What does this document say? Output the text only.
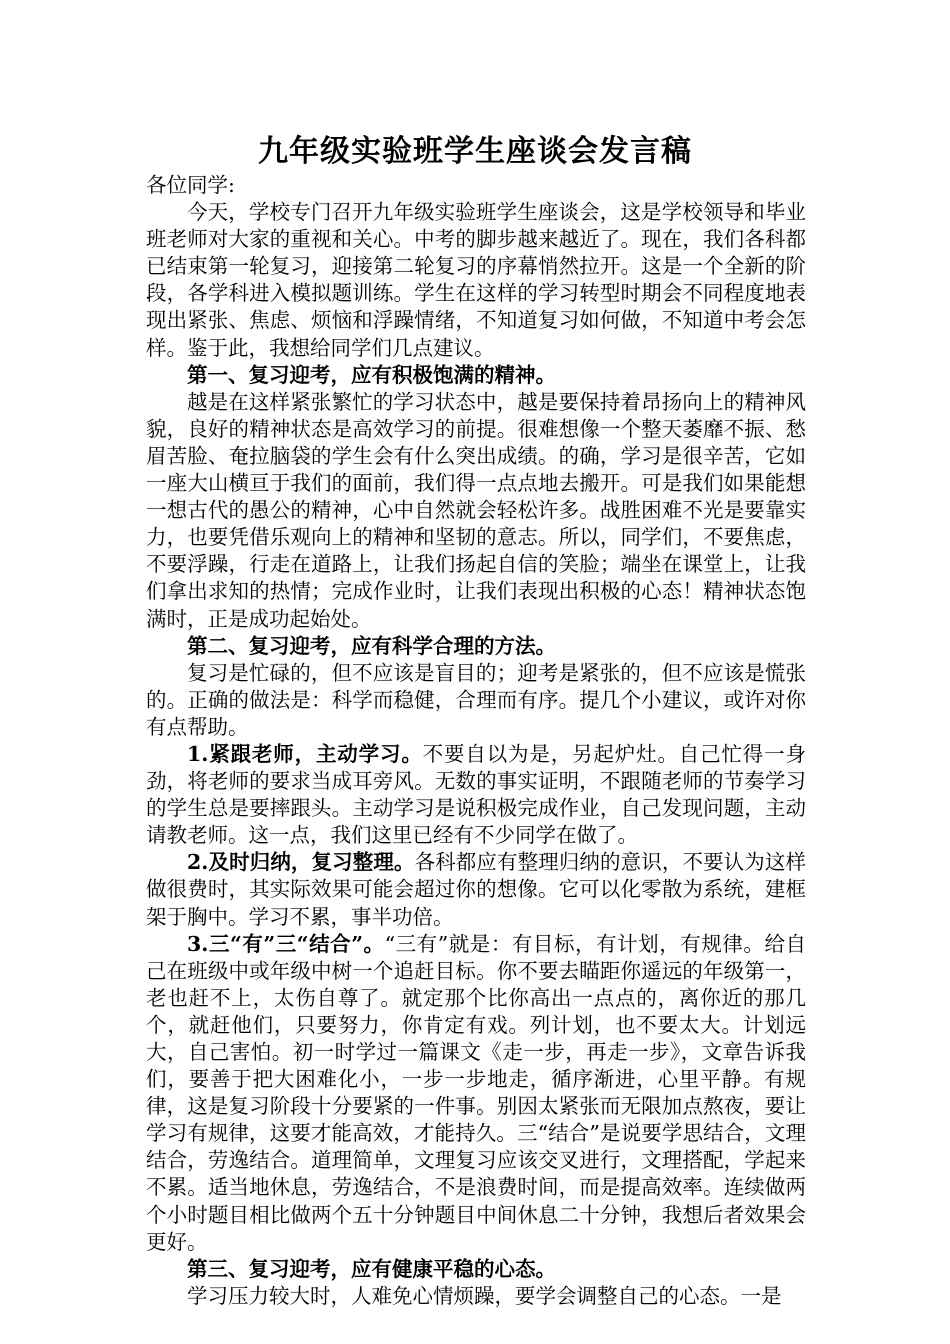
九年级实验班学生座谈会发言稿

各位同学:

今天，学校专门召开九年级实验班学生座谈会，这是学校领导和毕业班老师对大家的重视和关心。中考的脚步越来越近了。现在，我们各科都已结束第一轮复习，迎接第二轮复习的序幕悄然拉开。这是一个全新的阶段，各学科进入模拟题训练。学生在这样的学习转型时期会不同程度地表现出紧张、焦虑、烦恼和浮躁情绪，不知道复习如何做，不知道中考会怎样。鉴于此，我想给同学们几点建议。

第一、复习迎考，应有积极饱满的精神。

越是在这样紧张繁忙的学习状态中，越是要保持着昂扬向上的精神风貌，良好的精神状态是高效学习的前提。很难想像一个整天萎靡不振、愁眉苦脸、奄拉脑袋的学生会有什么突出成绩。的确，学习是很辛苦，它如一座大山横亘于我们的面前，我们得一点点地去搬开。可是我们如果能想一想古代的愚公的精神，心中自然就会轻松许多。战胜困难不光是要靠实力，也要凭借乐观向上的精神和坚韧的意志。所以，同学们，不要焦虑，不要浮躁，行走在道路上，让我们扬起自信的笑脸；端坐在课堂上，让我们拿出求知的热情；完成作业时，让我们表现出积极的心态！精神状态饱满时，正是成功起始处。

第二、复习迎考，应有科学合理的方法。

复习是忙碌的，但不应该是盲目的；迎考是紧张的，但不应该是慌张的。正确的做法是：科学而稳健，合理而有序。提几个小建议，或许对你有点帮助。

1.紧跟老师，主动学习。不要自以为是，另起炉灶。自己忙得一身劲，将老师的要求当成耳旁风。无数的事实证明，不跟随老师的节奏学习的学生总是要摔跟头。主动学习是说积极完成作业，自己发现问题，主动请教老师。这一点，我们这里已经有不少同学在做了。

2.及时归纳，复习整理。各科都应有整理归纳的意识，不要认为这样做很费时，其实际效果可能会超过你的想像。它可以化零散为系统，建框架于胸中。学习不累，事半功倍。

3.三“有”三“结合”。“三有”就是：有目标，有计划，有规律。给自己在班级中或年级中树一个追赶目标。你不要去瞄距你遥远的年级第一，老也赶不上，太伤自尊了。就定那个比你高出一点点的，离你近的那几个，就赶他们，只要努力，你肯定有戏。列计划，也不要太大。计划远大，自己害怕。初一时学过一篇课文《走一步，再走一步》，文章告诉我们，要善于把大困难化小，一步一步地走，循序渐进，心里平静。有规律，这是复习阶段十分要紧的一件事。别因太紧张而无限加点熬夜，要让学习有规律，这要才能高效，才能持久。三“结合”是说要学思结合，文理结合，劳逸结合。道理简单，文理复习应该交叉进行，文理搭配，学起来不累。适当地休息，劳逸结合，不是浪费时间，而是提高效率。连续做两个小时题目相比做两个五十分钟题目中间休息二十分钟，我想后者效果会更好。

第三、复习迎考，应有健康平稳的心态。

学习压力较大时，人难免心情烦躁，要学会调整自己的心态。一是
